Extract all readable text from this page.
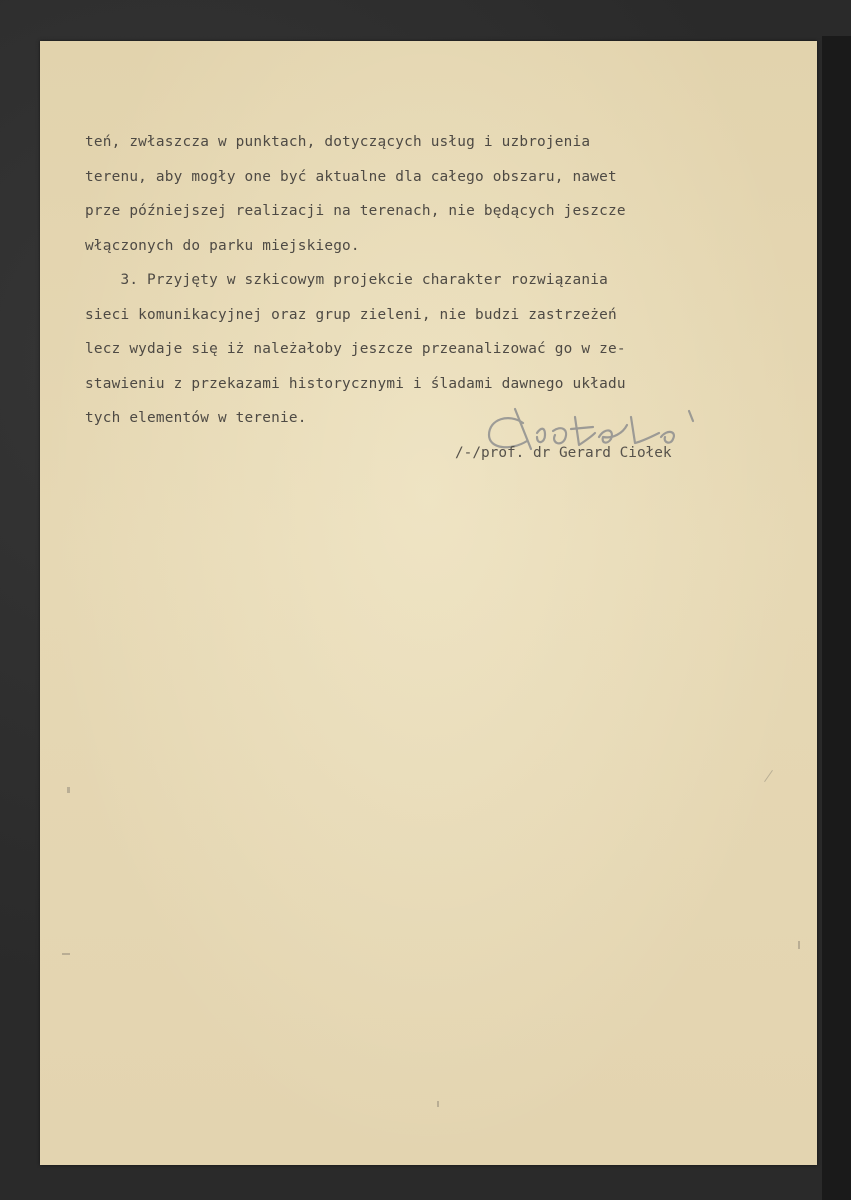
teń, zwłaszcza w punktach, dotyczących usług i uzbrojenia
terenu, aby mogły one być aktualne dla całego obszaru, nawet
prze późniejszej realizacji na terenach, nie będących jeszcze
włączonych do parku miejskiego.
3. Przyjęty w szkicowym projekcie charakter rozwiązania
sieci komunikacyjnej oraz grup zieleni, nie budzi zastrzeżeń
lecz wydaje się iż należałoby jeszcze przeanalizować go w ze-
stawieniu z przekazami historycznymi i śladami dawnego układu
tych elementów w terenie.
/-/prof. dr Gerard Ciołek
